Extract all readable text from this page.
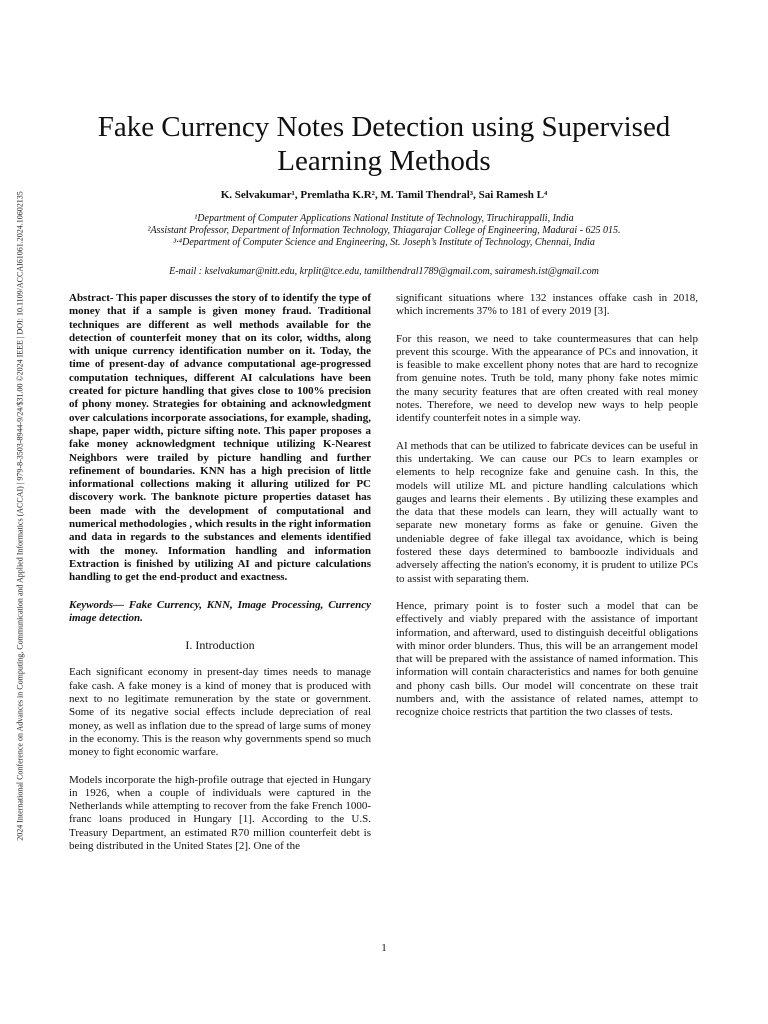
2024 International Conference on Advances in Computing, Communication and Applied Informatics (ACCAI) | 979-8-3503-8944-9/24/$31.00 ©2024 IEEE | DOI: 10.1109/ACCAI61061.2024.10602135
Fake Currency Notes Detection using Supervised Learning Methods
K. Selvakumar¹, Premlatha K.R², M. Tamil Thendral³, Sai Ramesh L⁴
¹Department of Computer Applications National Institute of Technology, Tiruchirappalli, India
²Assistant Professor, Department of Information Technology, Thiagarajar College of Engineering, Madurai - 625 015.
³·⁴Department of Computer Science and Engineering, St. Joseph’s Institute of Technology, Chennai, India
E-mail : kselvakumar@nitt.edu, krplit@tce.edu, tamilthendral1789@gmail.com, sairamesh.ist@gmail.com

Abstract- This paper discusses the story of to identify the type of money that if a sample is given money fraud. Traditional techniques are different as well methods available for the detection of counterfeit money that on its color, widths, along with unique currency identification number on it. Today, the time of present-day of advance computational age-progressed computation techniques, different AI calculations have been created for picture handling that gives close to 100% precision of phony money. Strategies for obtaining and acknowledgment over calculations incorporate associations, for example, shading, shape, paper width, picture sifting note. This paper proposes a fake money acknowledgment technique utilizing K-Nearest Neighbors were trailed by picture handling and further refinement of boundaries. KNN has a high precision of little informational collections making it alluring utilized for PC discovery work. The banknote picture properties dataset has been made with the development of computational and numerical methodologies , which results in the right information and data in regards to the substances and elements identified with the money. Information handling and information Extraction is finished by utilizing AI and picture calculations handling to get the end-product and exactness.

Keywords— Fake Currency, KNN, Image Processing, Currency image detection.

I. Introduction

Each significant economy in present-day times needs to manage fake cash. A fake money is a kind of money that is produced with next to no legitimate remuneration by the state or government. Some of its negative social effects include depreciation of real money, as well as inflation due to the spread of large sums of money in the economy. This is the reason why governments spend so much money to fight economic warfare.

Models incorporate the high-profile outrage that ejected in Hungary in 1926, when a couple of individuals were captured in the Netherlands while attempting to recover from the fake French 1000-franc loans produced in Hungary [1]. According to the U.S. Treasury Department, an estimated R70 million counterfeit debt is being distributed in the United States [2]. One of the

significant situations where 132 instances offake cash in 2018, which increments 37% to 181 of every 2019 [3].

For this reason, we need to take countermeasures that can help prevent this scourge. With the appearance of PCs and innovation, it is feasible to make excellent phony notes that are hard to recognize from genuine notes. Truth be told, many phony fake notes mimic the many security features that are often created with real money notes. Therefore, we need to develop new ways to help people identify counterfeit notes in a simple way.

AI methods that can be utilized to fabricate devices can be useful in this undertaking. We can cause our PCs to learn examples or elements to help recognize fake and genuine cash. In this, the models will utilize ML and picture handling calculations which gauges and learns their elements . By utilizing these examples and the data that these models can learn, they will actually want to separate new monetary forms as fake or genuine. Given the undeniable degree of fake illegal tax avoidance, which is being fostered these days determined to bamboozle individuals and adversely affecting the nation's economy, it is prudent to utilize PCs to assist with separating them.

Hence, primary point is to foster such a model that can be effectively and viably prepared with the assistance of important information, and afterward, used to distinguish deceitful obligations with minor order blunders. Thus, this will be an arrangement model that will be prepared with the assistance of named information. This information will contain characteristics and names for both genuine and phony cash bills. Our model will concentrate on these trait numbers and, with the assistance of related names, attempt to recognize choice restricts that partition the two classes of tests.

1
